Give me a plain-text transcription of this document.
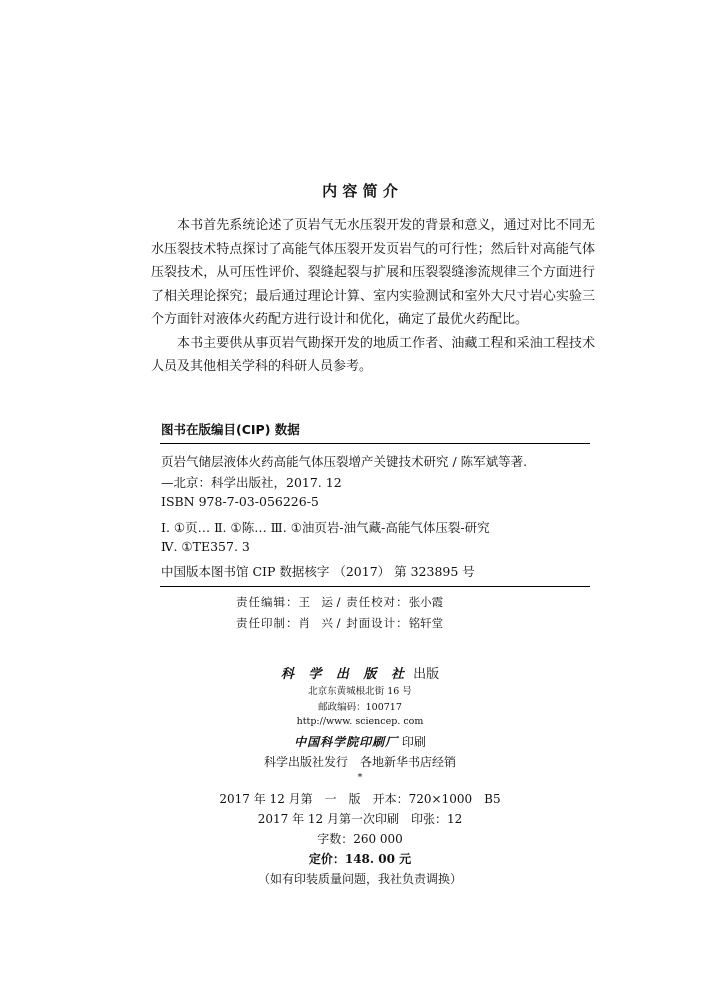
内 容 简 介

本书首先系统论述了页岩气无水压裂开发的背景和意义，通过对比不同无水压裂技术特点探讨了高能气体压裂开发页岩气的可行性；然后针对高能气体压裂技术，从可压性评价、裂缝起裂与扩展和压裂裂缝渗流规律三个方面进行了相关理论探究；最后通过理论计算、室内实验测试和室外大尺寸岩心实验三个方面针对液体火药配方进行设计和优化，确定了最优火药配比。

本书主要供从事页岩气勘探开发的地质工作者、油藏工程和采油工程技术人员及其他相关学科的科研人员参考。

图书在版编目(CIP) 数据
页岩气储层液体火药高能气体压裂增产关键技术研究 / 陈军斌等著.
—北京：科学出版社，2017. 12
ISBN 978-7-03-056226-5
Ⅰ. ①页… Ⅱ. ①陈… Ⅲ. ①油页岩-油气藏-高能气体压裂-研究
Ⅳ. ①TE357. 3
中国版本图书馆 CIP 数据核字 （2017） 第 323895 号
责任编辑：王　运 / 责任校对：张小霞
责任印制：肖　兴 / 封面设计：铭轩堂
科 学 出 版 社 出版
北京东黄城根北街 16 号
邮政编码：100717
http://www. sciencep. com
中国科学院印刷厂 印刷
科学出版社发行　各地新华书店经销
*
2017 年 12 月第　一　版　开本：720×1000　B5
2017 年 12 月第一次印刷　印张：12
字数：260 000
定价：148. 00 元
（如有印装质量问题，我社负责调换）
